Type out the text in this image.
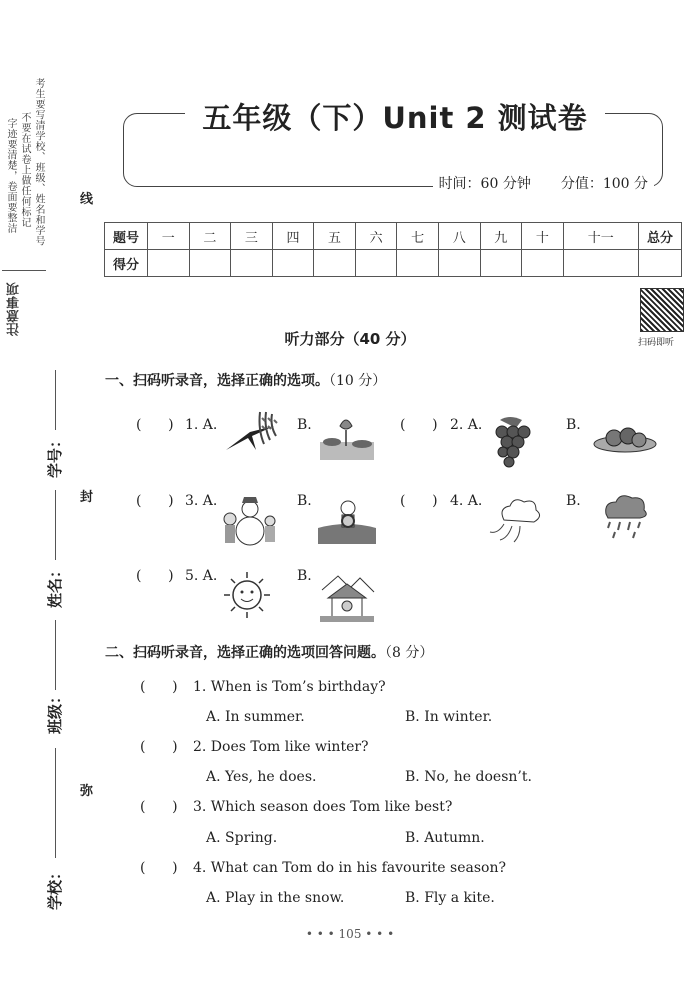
考生要写清学校、班级、姓名和学号
不要在试卷上做任何标记
字迹要清楚，卷面要整洁
注意事项
学号：
姓名：
班级：
学校：
线
封
弥
五年级（下）Unit 2 测试卷
时间：60 分钟 分值：100 分
题号	一	二	三	四	五	六	七	八	九	十	十一	总分
得分												
扫码即听
听力部分（40 分）
一、扫码听录音，选择正确的选项。（10 分）
(      ) 1. A.	B.	(      ) 2. A.	B.
(      ) 3. A.	B.	(      ) 4. A.	B.
(      ) 5. A.	B.
二、扫码听录音，选择正确的选项回答问题。（8 分）
(      ) 1. When is Tom’s birthday?
A. In summer.	B. In winter.
(      ) 2. Does Tom like winter?
A. Yes, he does.	B. No, he doesn’t.
(      ) 3. Which season does Tom like best?
A. Spring.	B. Autumn.
(      ) 4. What can Tom do in his favourite season?
A. Play in the snow.	B. Fly a kite.
• • • 105 • • •
